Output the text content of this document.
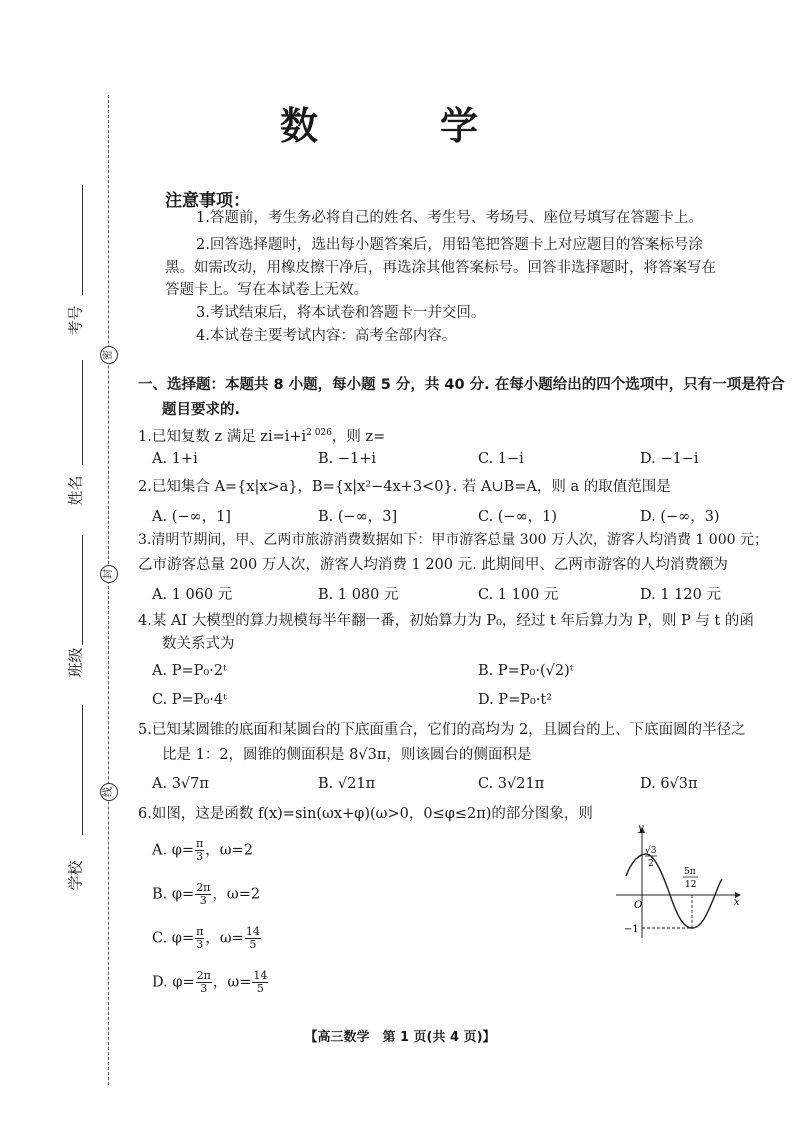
考号
姓名
班级
学校
密
封
线
数　学
注意事项：
1.答题前，考生务必将自己的姓名、考生号、考场号、座位号填写在答题卡上。
2.回答选择题时，选出每小题答案后，用铅笔把答题卡上对应题目的答案标号涂
黑。如需改动，用橡皮擦干净后，再选涂其他答案标号。回答非选择题时，将答案写在
答题卡上。写在本试卷上无效。
3.考试结束后，将本试卷和答题卡一并交回。
4.本试卷主要考试内容：高考全部内容。
一、选择题：本题共 8 小题，每小题 5 分，共 40 分. 在每小题给出的四个选项中，只有一项是符合
题目要求的.
1.已知复数 z 满足 $zi=i+i^{2 026}$，则 z=
A. 1+i	B. −1+i	C. 1−i	D. −1−i
2.已知集合 A={x|x>a}，B={x|x²−4x+3<0}. 若 A∪B=A，则 a 的取值范围是
A. (−∞，1]	B. (−∞，3]	C. (−∞，1)	D. (−∞，3)
3.清明节期间，甲、乙两市旅游消费数据如下：甲市游客总量 300 万人次，游客人均消费 1 000 元；
乙市游客总量 200 万人次，游客人均消费 1 200 元. 此期间甲、乙两市游客的人均消费额为
A. 1 060 元	B. 1 080 元	C. 1 100 元	D. 1 120 元
4.某 AI 大模型的算力规模每半年翻一番，初始算力为 P₀，经过 t 年后算力为 P，则 P 与 t 的函
数关系式为
A. P=P₀·2ᵗ	B. P=P₀·(√2)ᵗ
C. P=P₀·4ᵗ	D. P=P₀·t²
5.已知某圆锥的底面和某圆台的下底面重合，它们的高均为 2，且圆台的上、下底面圆的半径之
比是 1：2，圆锥的侧面积是 8√3π，则该圆台的侧面积是
A. 3√7π	B. √21π	C. 3√21π	D. 6√3π
6.如图，这是函数 f(x)=sin(ωx+φ)(ω>0，0≤φ≤2π)的部分图象，则
A. $\varphi= \frac{\pi}{3}$ ，ω=2
B. $\varphi= \frac{2\pi}{3}$ ，ω=2
C. $\varphi= \frac{\pi}{3}$ ，$\omega= \frac{14}{5}$
D. $\varphi= \frac{2\pi}{3}$ ，$\omega= \frac{14}{5}$
y
x
O
√3
2
5π
12
−1
【高三数学　第 1 页(共 4 页)】
